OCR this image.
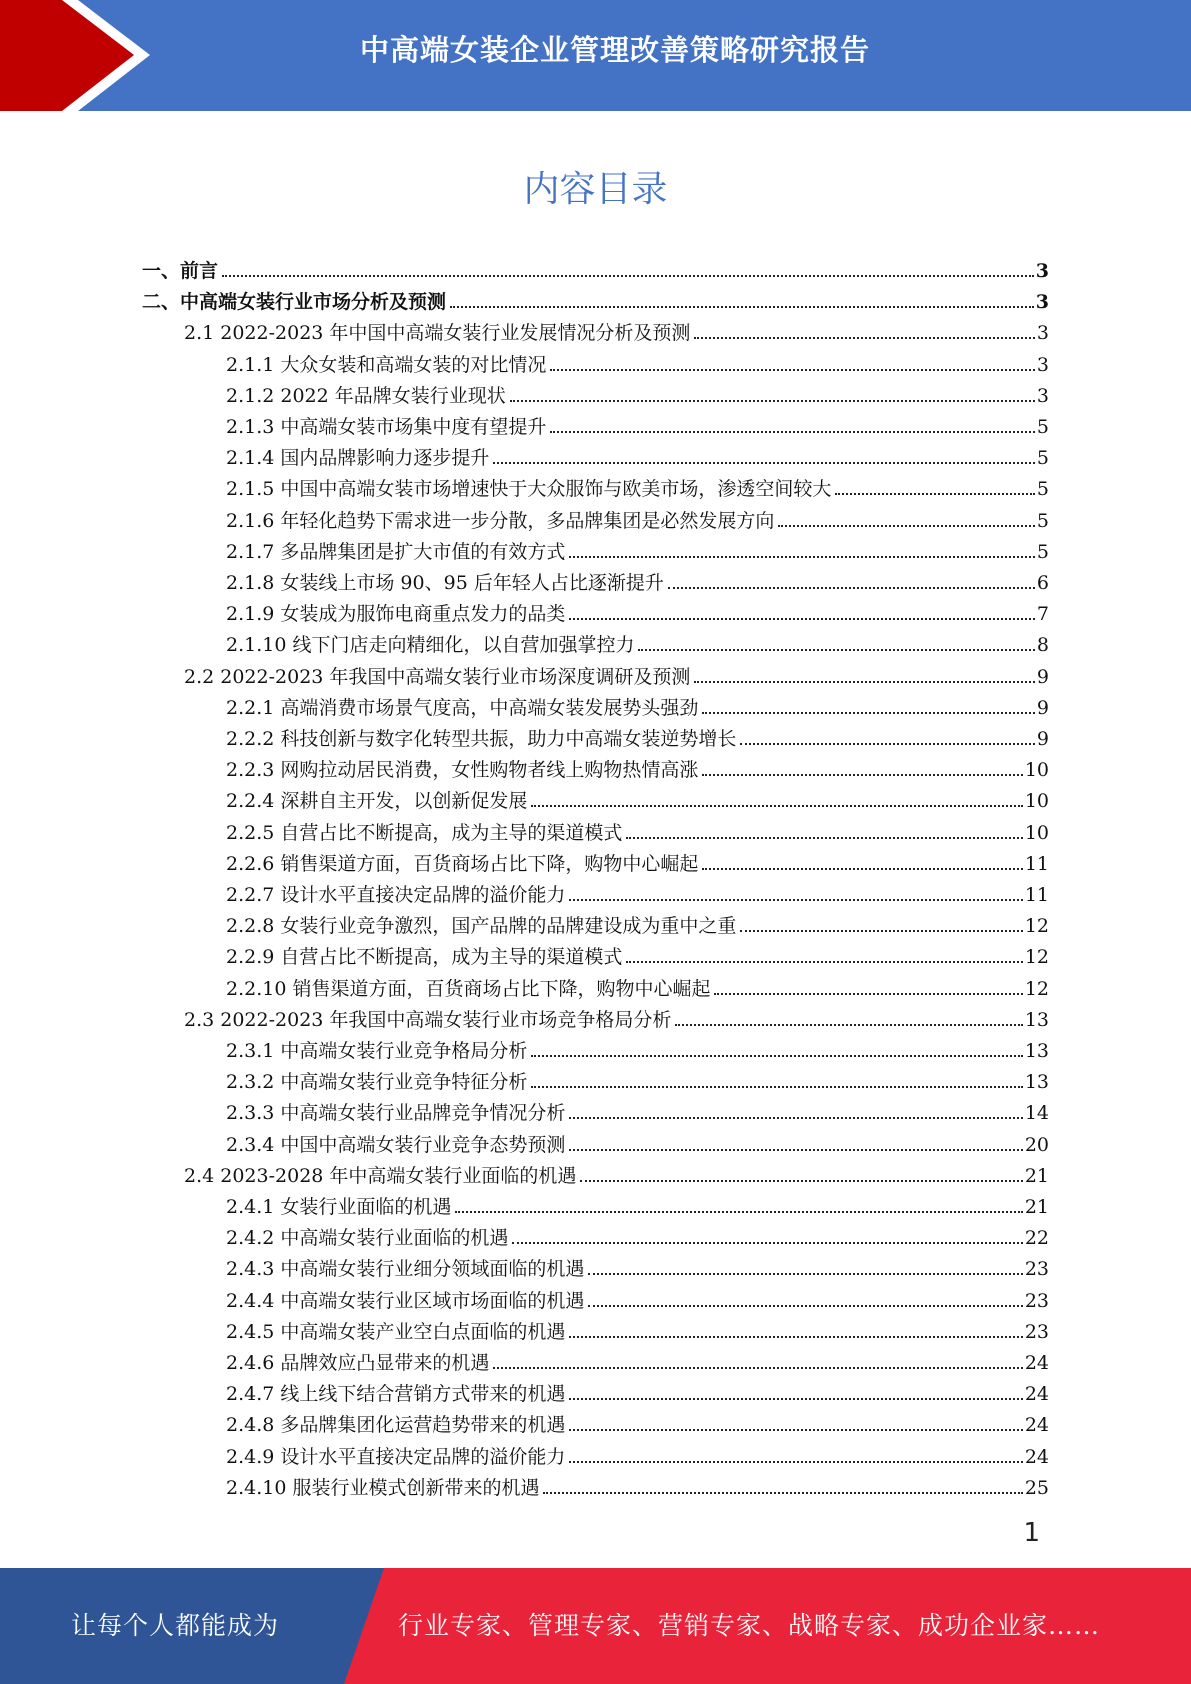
中高端女装企业管理改善策略研究报告
内容目录
一、前言	3
二、中高端女装行业市场分析及预测	3
2.1 2022-2023 年中国中高端女装行业发展情况分析及预测	3
2.1.1 大众女装和高端女装的对比情况	3
2.1.2 2022 年品牌女装行业现状	3
2.1.3 中高端女装市场集中度有望提升	5
2.1.4 国内品牌影响力逐步提升	5
2.1.5 中国中高端女装市场增速快于大众服饰与欧美市场，渗透空间较大	5
2.1.6 年轻化趋势下需求进一步分散，多品牌集团是必然发展方向	5
2.1.7 多品牌集团是扩大市值的有效方式	5
2.1.8 女装线上市场 90、95 后年轻人占比逐渐提升	6
2.1.9 女装成为服饰电商重点发力的品类	7
2.1.10 线下门店走向精细化，以自营加强掌控力	8
2.2 2022-2023 年我国中高端女装行业市场深度调研及预测	9
2.2.1 高端消费市场景气度高，中高端女装发展势头强劲	9
2.2.2 科技创新与数字化转型共振，助力中高端女装逆势增长	9
2.2.3 网购拉动居民消费，女性购物者线上购物热情高涨	10
2.2.4 深耕自主开发，以创新促发展	10
2.2.5 自营占比不断提高，成为主导的渠道模式	10
2.2.6 销售渠道方面，百货商场占比下降，购物中心崛起	11
2.2.7 设计水平直接决定品牌的溢价能力	11
2.2.8 女装行业竞争激烈，国产品牌的品牌建设成为重中之重	12
2.2.9 自营占比不断提高，成为主导的渠道模式	12
2.2.10 销售渠道方面，百货商场占比下降，购物中心崛起	12
2.3 2022-2023 年我国中高端女装行业市场竞争格局分析	13
2.3.1 中高端女装行业竞争格局分析	13
2.3.2 中高端女装行业竞争特征分析	13
2.3.3 中高端女装行业品牌竞争情况分析	14
2.3.4 中国中高端女装行业竞争态势预测	20
2.4 2023-2028 年中高端女装行业面临的机遇	21
2.4.1 女装行业面临的机遇	21
2.4.2 中高端女装行业面临的机遇	22
2.4.3 中高端女装行业细分领域面临的机遇	23
2.4.4 中高端女装行业区域市场面临的机遇	23
2.4.5 中高端女装产业空白点面临的机遇	23
2.4.6 品牌效应凸显带来的机遇	24
2.4.7 线上线下结合营销方式带来的机遇	24
2.4.8 多品牌集团化运营趋势带来的机遇	24
2.4.9 设计水平直接决定品牌的溢价能力	24
2.4.10 服装行业模式创新带来的机遇	25
1
让每个人都能成为	行业专家、管理专家、营销专家、战略专家、成功企业家……
